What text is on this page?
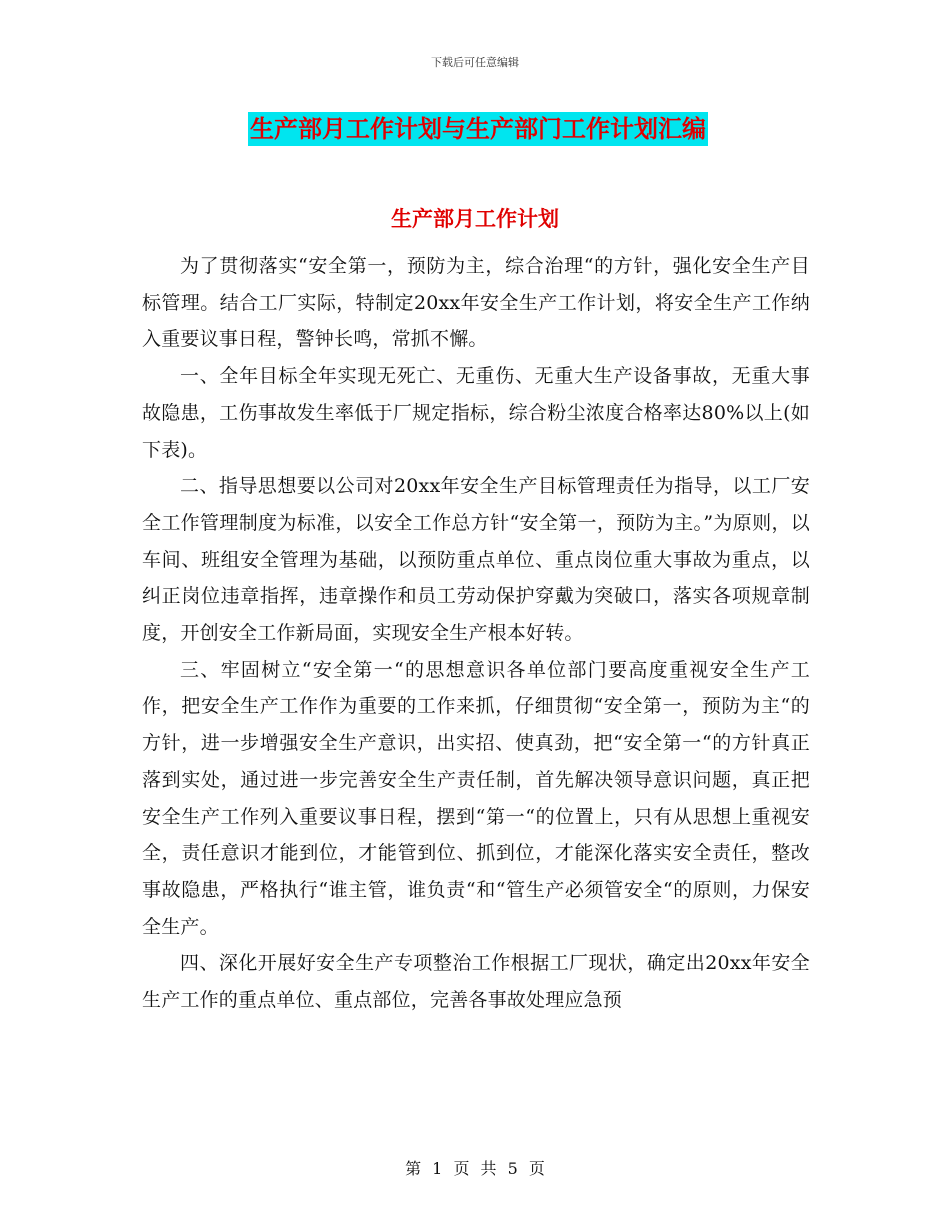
下载后可任意编辑
生产部月工作计划与生产部门工作计划汇编
生产部月工作计划

为了贯彻落实“安全第一，预防为主，综合治理“的方针，强化安全生产目标管理。结合工厂实际，特制定20xx年安全生产工作计划，将安全生产工作纳入重要议事日程，警钟长鸣，常抓不懈。

一、全年目标全年实现无死亡、无重伤、无重大生产设备事故，无重大事故隐患，工伤事故发生率低于厂规定指标，综合粉尘浓度合格率达80%以上(如下表)。

二、指导思想要以公司对20xx年安全生产目标管理责任为指导，以工厂安全工作管理制度为标准，以安全工作总方针“安全第一，预防为主。”为原则，以车间、班组安全管理为基础，以预防重点单位、重点岗位重大事故为重点，以纠正岗位违章指挥，违章操作和员工劳动保护穿戴为突破口，落实各项规章制度，开创安全工作新局面，实现安全生产根本好转。

三、牢固树立“安全第一“的思想意识各单位部门要高度重视安全生产工作，把安全生产工作作为重要的工作来抓，仔细贯彻“安全第一，预防为主“的方针，进一步增强安全生产意识，出实招、使真劲，把“安全第一“的方针真正落到实处，通过进一步完善安全生产责任制，首先解决领导意识问题，真正把安全生产工作列入重要议事日程，摆到“第一“的位置上，只有从思想上重视安全，责任意识才能到位，才能管到位、抓到位，才能深化落实安全责任，整改事故隐患，严格执行“谁主管，谁负责“和“管生产必须管安全“的原则，力保安全生产。

四、深化开展好安全生产专项整治工作根据工厂现状，确定出20xx年安全生产工作的重点单位、重点部位，完善各事故处理应急预

第 1 页 共 5 页
